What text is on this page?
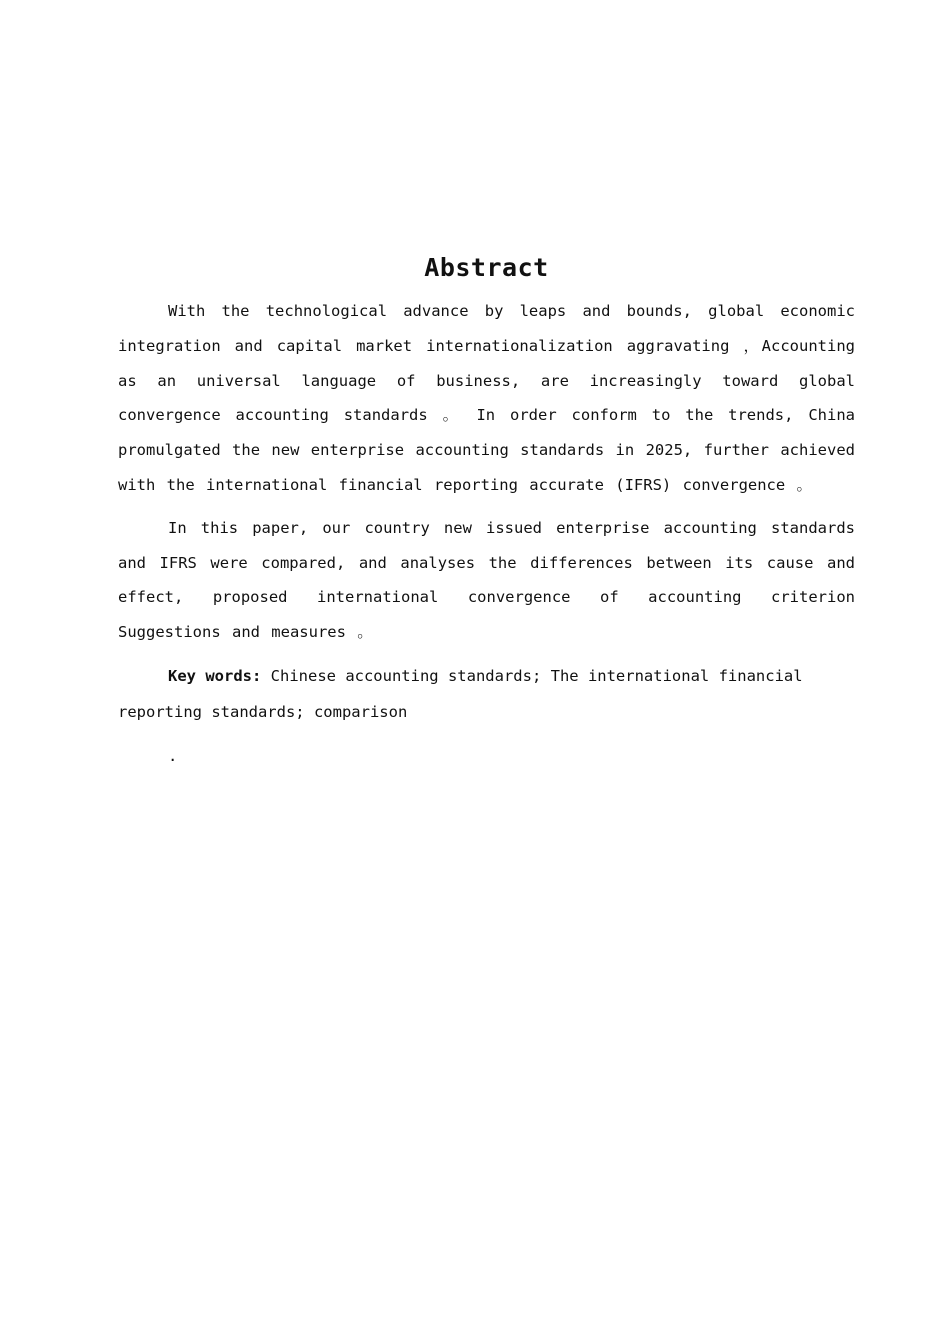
Abstract

With the technological advance by leaps and bounds, global economic integration and capital market internationalization aggravating ，Accounting as an universal language of business, are increasingly toward global convergence accounting standards 。 In order conform to the trends, China promulgated the new enterprise accounting standards in 2025, further achieved with the international financial reporting accurate (IFRS) convergence 。

In this paper, our country new issued enterprise accounting standards and IFRS were compared, and analyses the differences between its cause and effect, proposed international convergence of accounting criterion Suggestions and measures 。

Key words: Chinese accounting standards; The international financial reporting standards; comparison

.
